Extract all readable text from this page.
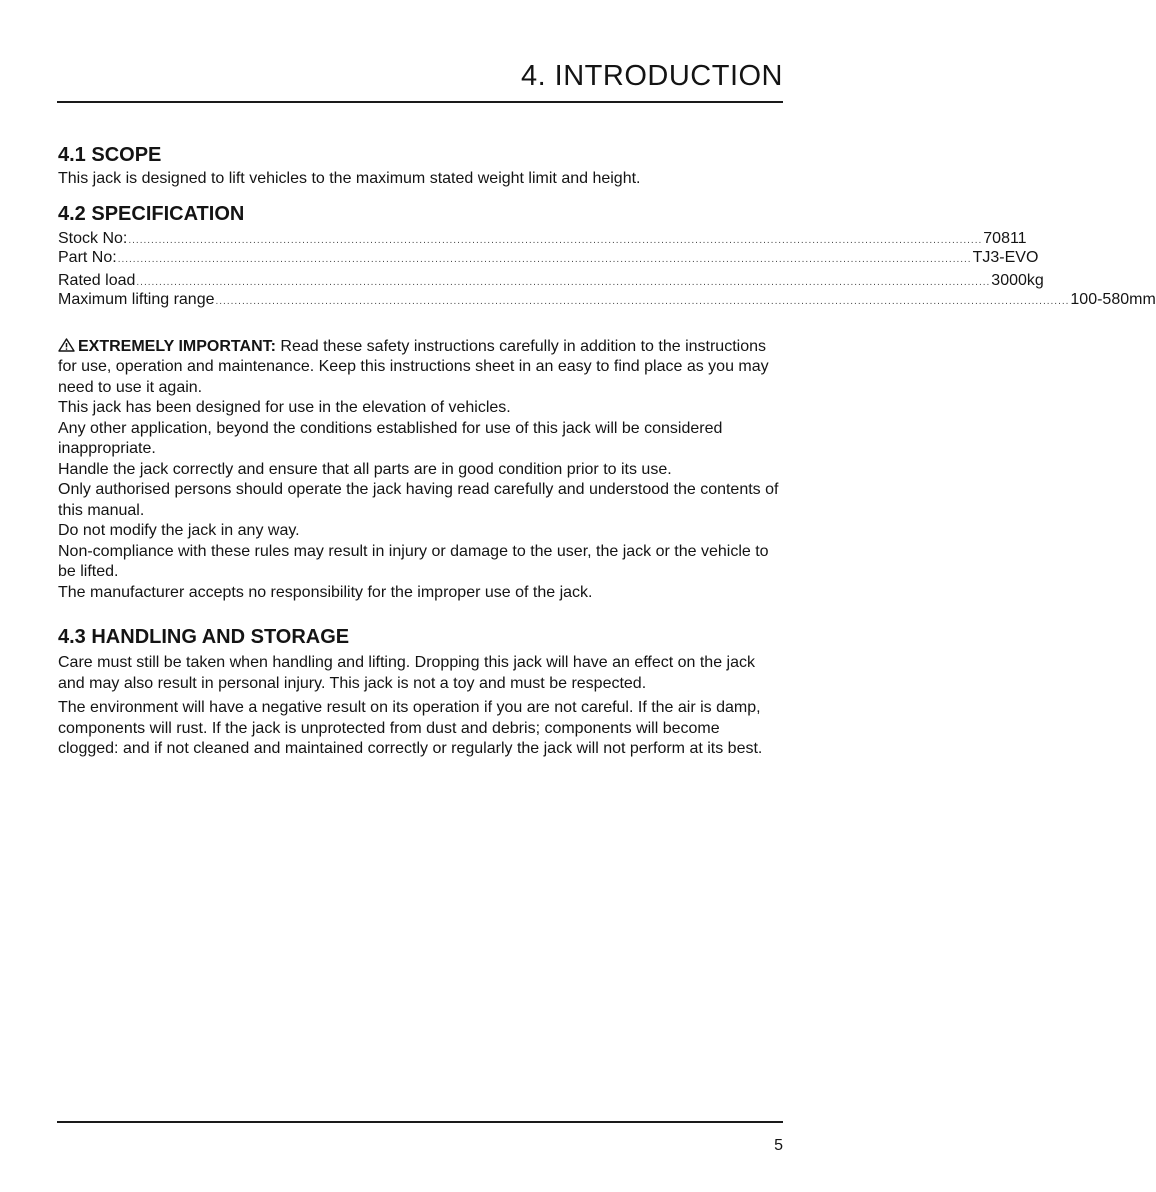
4. INTRODUCTION
4.1 SCOPE

This jack is designed to lift vehicles to the maximum stated weight limit and height.

4.2 SPECIFICATION
Stock No: .................................................................................................................................................................................................................................. 70811
Part No: .................................................................................................................................................................................................................................. TJ3-EVO
Rated load .................................................................................................................................................................................................................................. 3000kg
Maximum lifting range .................................................................................................................................................................................................................................. 100-580mm

EXTREMELY IMPORTANT: Read these safety instructions carefully in addition to the instructions for use, operation and maintenance. Keep this instructions sheet in an easy to find place as you may need to use it again.

This jack has been designed for use in the elevation of vehicles.

Any other application, beyond the conditions established for use of this jack will be considered inappropriate.

Handle the jack correctly and ensure that all parts are in good condition prior to its use.

Only authorised persons should operate the jack having read carefully and understood the contents of this manual.

Do not modify the jack in any way.

Non-compliance with these rules may result in injury or damage to the user, the jack or the vehicle to be lifted.

The manufacturer accepts no responsibility for the improper use of the jack.

4.3 HANDLING AND STORAGE

Care must still be taken when handling and lifting. Dropping this jack will have an effect on the jack and may also result in personal injury. This jack is not a toy and must be respected.

The environment will have a negative result on its operation if you are not careful. If the air is damp, components will rust. If the jack is unprotected from dust and debris; components will become clogged: and if not cleaned and maintained correctly or regularly the jack will not perform at its best.

5
